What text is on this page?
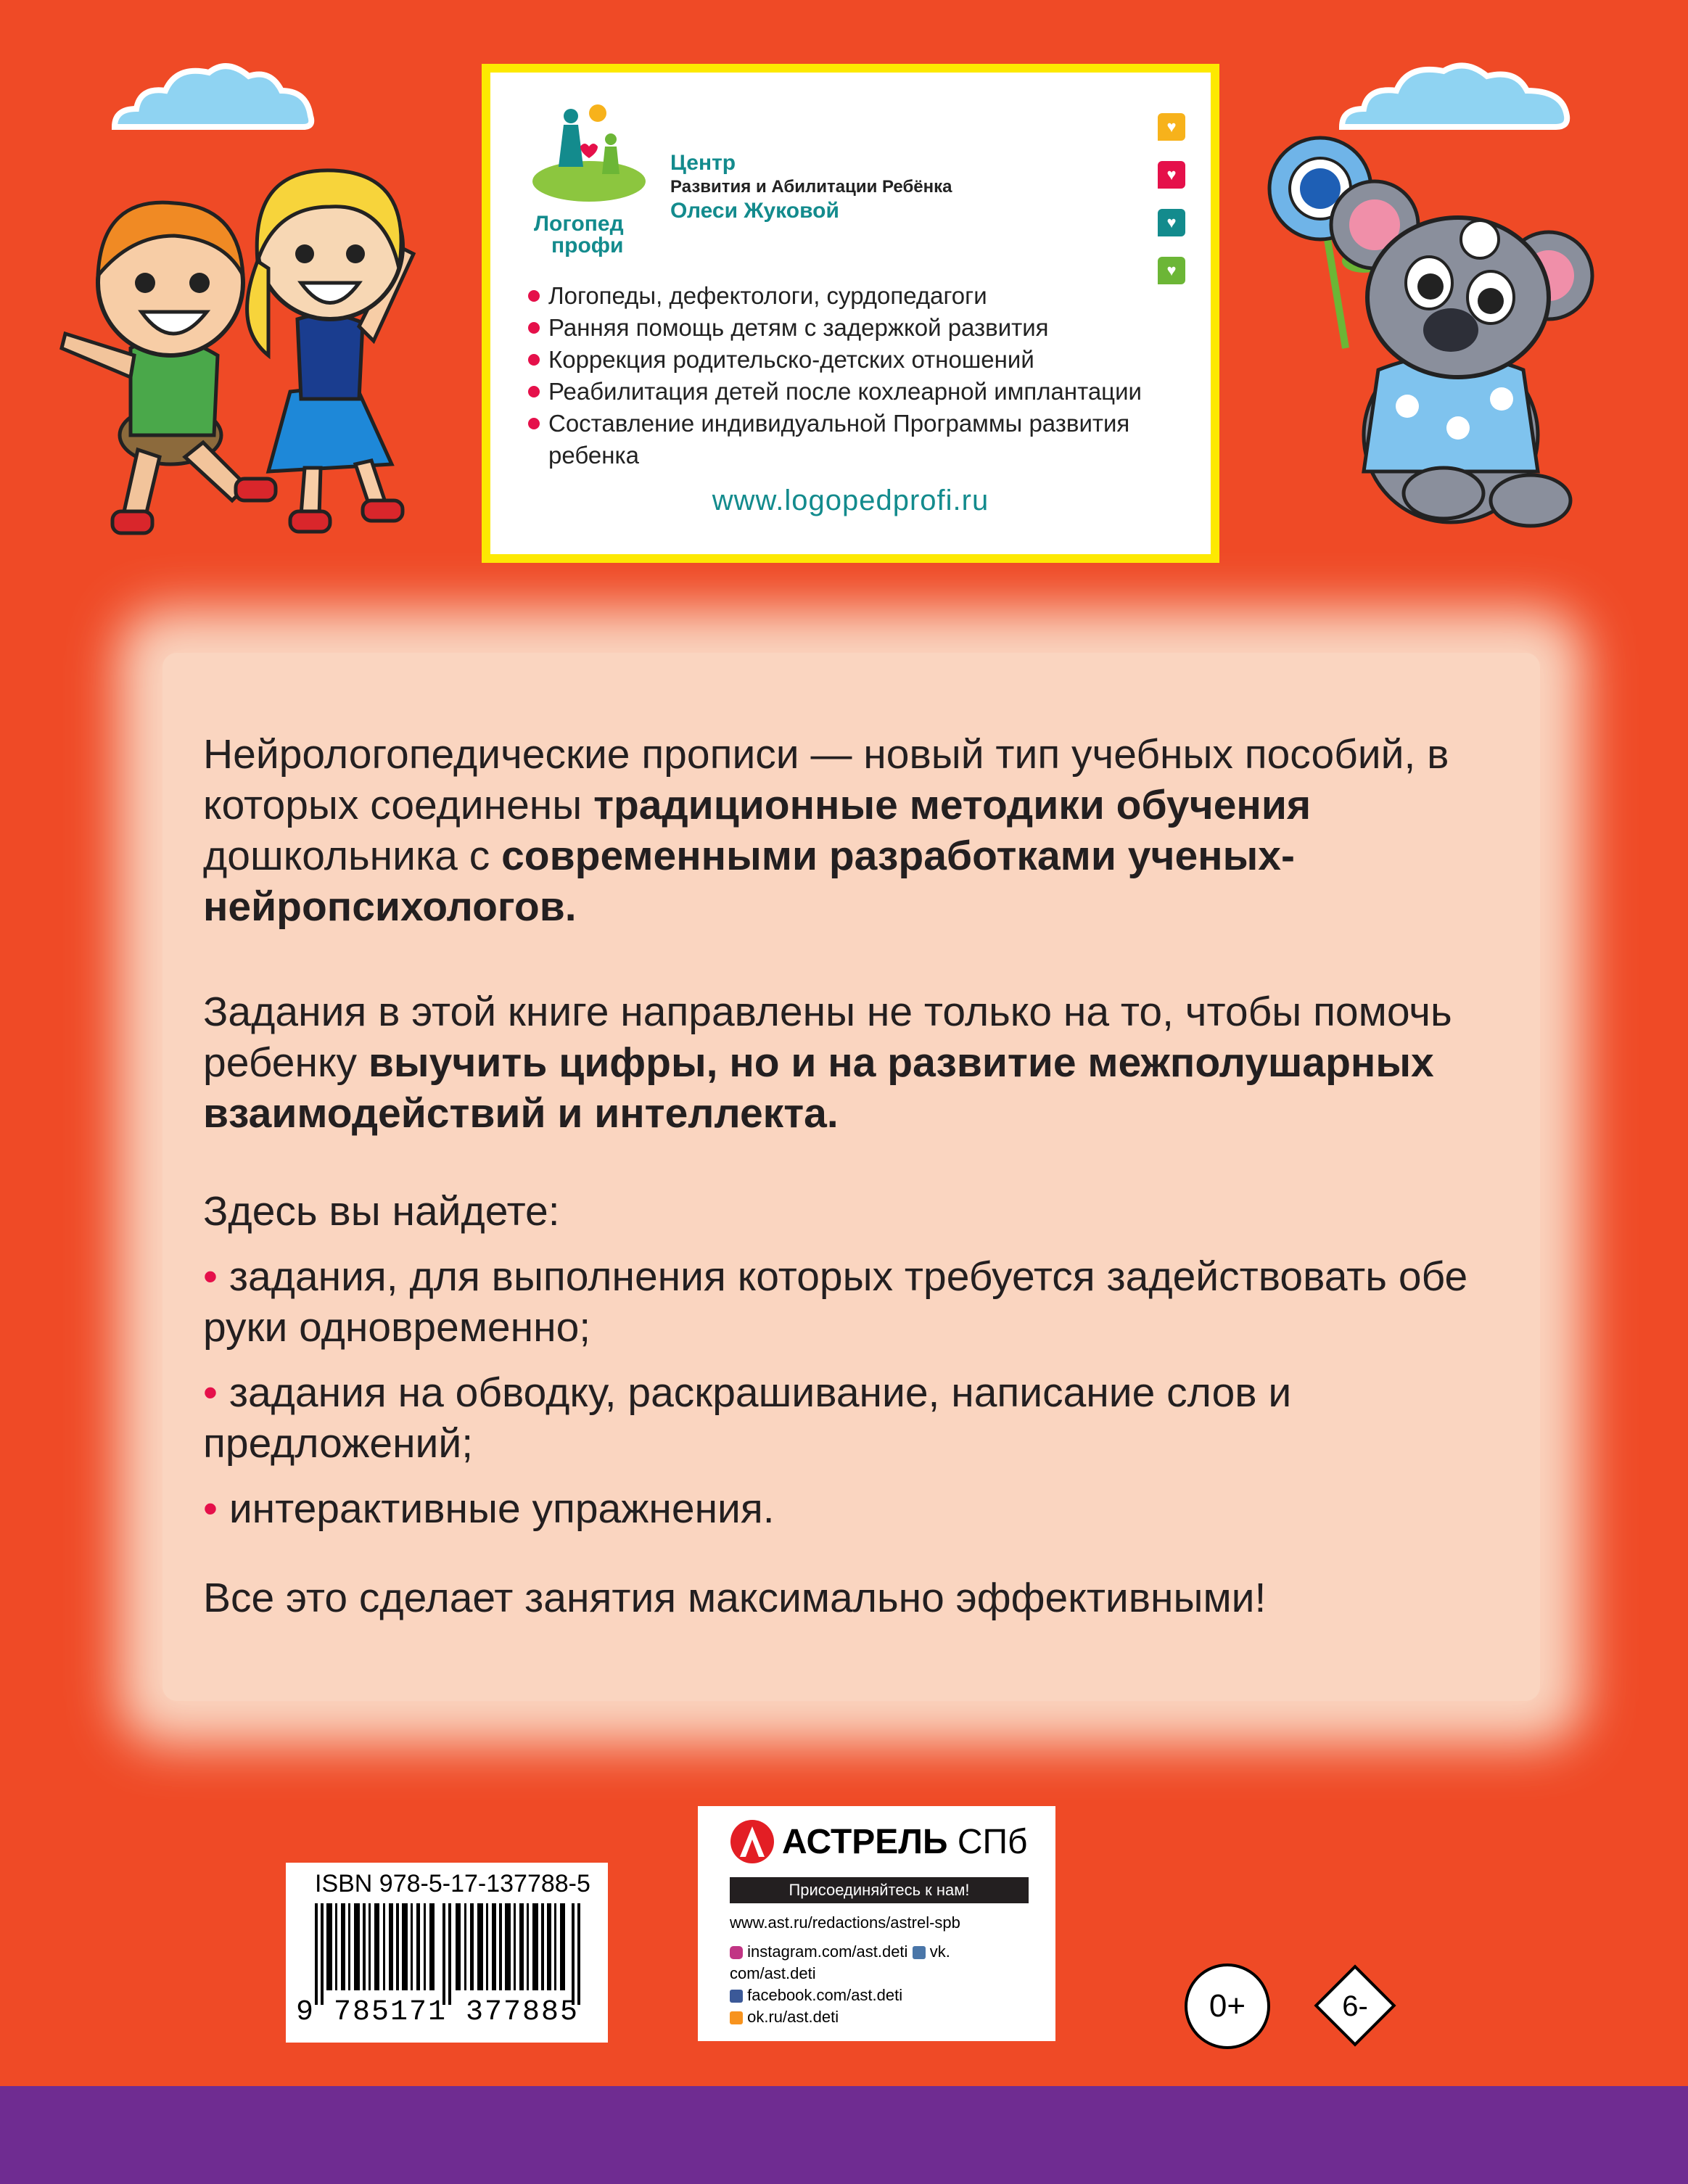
Логопед
профи
Центр
Развития и Абилитации Ребёнка
Олеси Жуковой
♥
♥
♥
♥
Логопеды, дефектологи, сурдопедагоги
Ранняя помощь детям с задержкой развития
Коррекция родительско-детских отношений
Реабилитация детей после кохлеарной имплантации
Составление индивидуальной Программы развития ребенка
www.logopedprofi.ru
Нейрологопедические прописи — новый тип учебных пособий, в которых соединены традиционные методики обучения дошкольника с современными разработками ученых-нейропсихологов.
Задания в этой книге направлены не только на то, чтобы помочь ребенку выучить цифры, но и на развитие межполушарных взаимодействий и интеллекта.
Здесь вы найдете:
• задания, для выполнения которых требуется задействовать обе руки одновременно;
• задания на обводку, раскрашивание, написание слов и предложений;
• интерактивные упражнения.
Все это сделает занятия максимально эффективными!
ISBN 978-5-17-137788-5
9 785171 377885
АСТРЕЛЬ СПб
Присоединяйтесь к нам!
www.ast.ru/redactions/astrel-spb
instagram.com/ast.deti vk.
com/ast.deti
facebook.com/ast.deti
ok.ru/ast.deti	0+	6-
